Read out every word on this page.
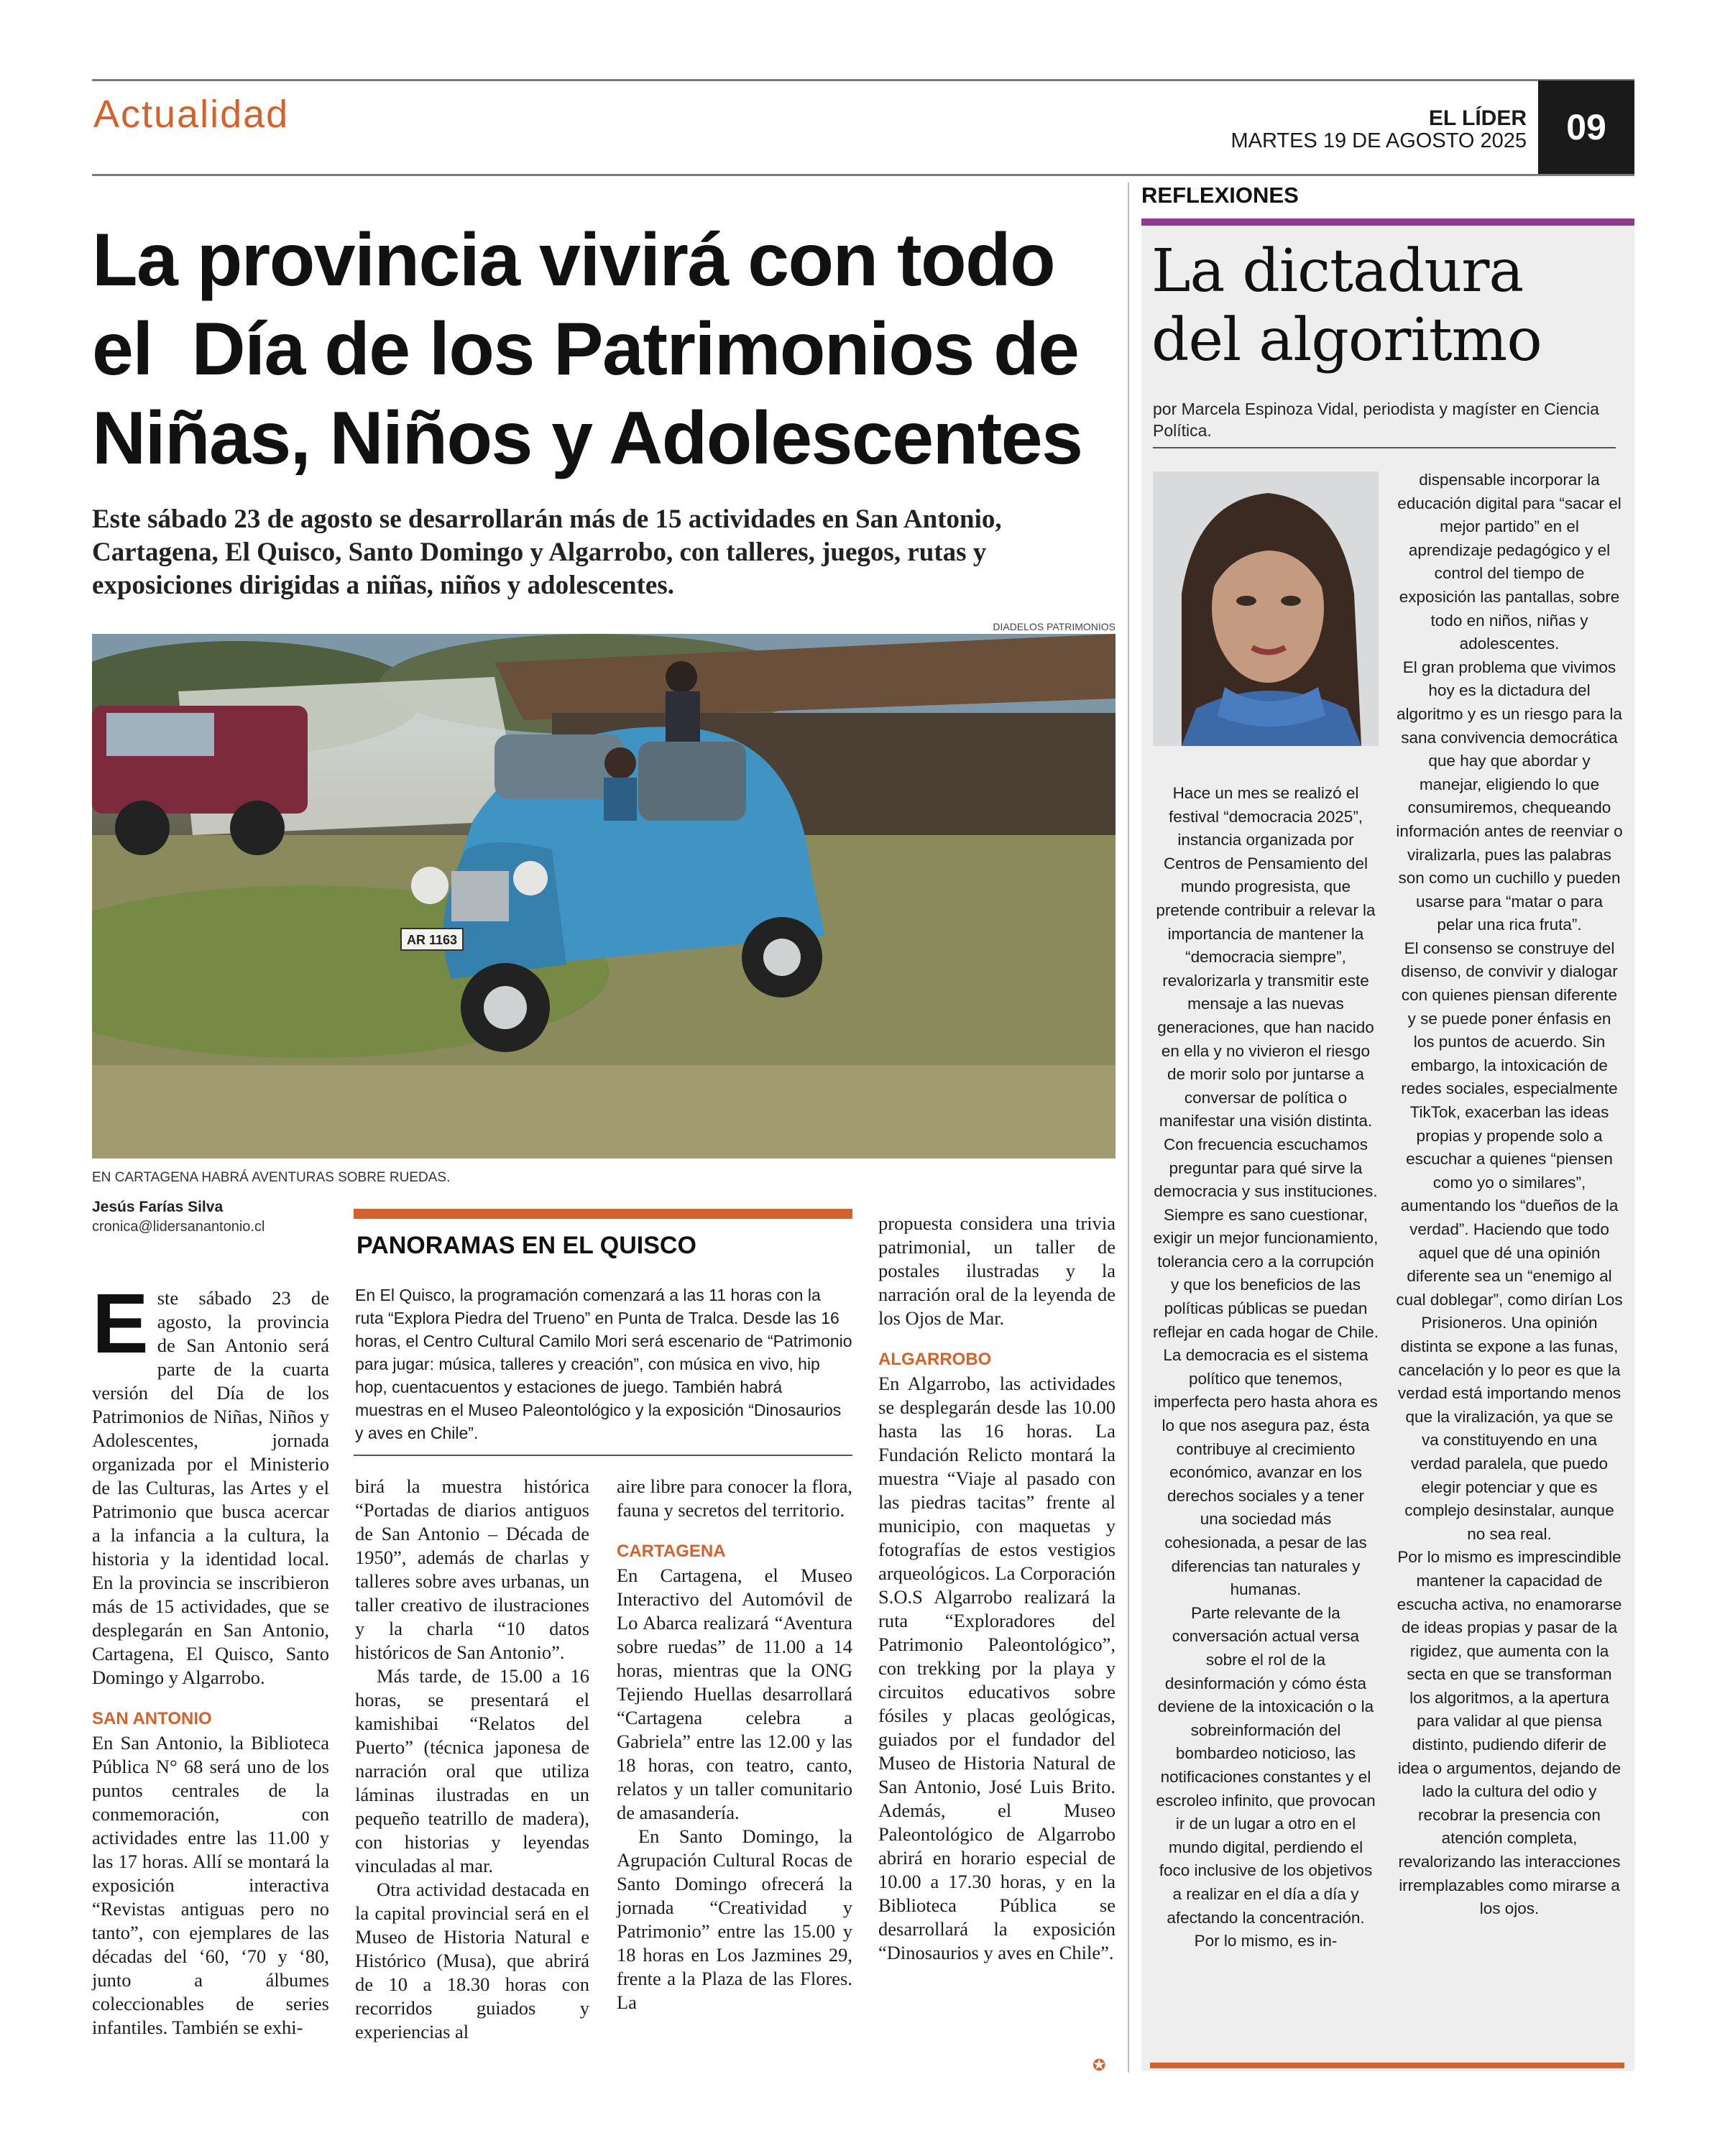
Actualidad	EL LÍDER
MARTES 19 DE AGOSTO 2025	09
La provincia vivirá con todo
el  Día de los Patrimonios de
Niñas, Niños y Adolescentes
Este sábado 23 de agosto se desarrollarán más de 15 actividades en San Antonio, Cartagena, El Quisco, Santo Domingo y Algarrobo, con talleres, juegos, rutas y exposiciones dirigidas a niñas, niños y adolescentes.
DIADELOS PATRIMONIOS
AR 1163
EN CARTAGENA HABRÁ AVENTURAS SOBRE RUEDAS.
Jesús Farías Silva
cronica@lidersanantonio.cl

Este sábado 23 de agosto, la provincia de San Antonio será parte de la cuarta versión del Día de los Patrimonios de Niñas, Niños y Adolescentes, jornada organizada por el Ministerio de las Culturas, las Artes y el Patrimonio que busca acercar a la infancia a la cultura, la historia y la identidad local. En la provincia se inscribieron más de 15 actividades, que se desplegarán en San Antonio, Cartagena, El Quisco, Santo Domingo y Algarrobo.

SAN ANTONIO

En San Antonio, la Biblioteca Pública N° 68 será uno de los puntos centrales de la conmemoración, con actividades entre las 11.00 y las 17 horas. Allí se montará la exposición interactiva “Revistas antiguas pero no tanto”, con ejemplares de las décadas del ‘60, ‘70 y ‘80, junto a álbumes coleccionables de series infantiles. También se exhi-

PANORAMAS EN EL QUISCO
En El Quisco, la programación comenzará a las 11 horas con la ruta “Explora Piedra del Trueno” en Punta de Tralca. Desde las 16 horas, el Centro Cultural Camilo Mori será escenario de “Patrimonio para jugar: música, talleres y creación”, con música en vivo, hip hop, cuentacuentos y estaciones de juego. También habrá muestras en el Museo Paleontológico y la exposición “Dinosaurios y aves en Chile”.

birá la muestra histórica “Portadas de diarios antiguos de San Antonio – Década de 1950”, además de charlas y talleres sobre aves urbanas, un taller creativo de ilustraciones y la charla “10 datos históricos de San Antonio”.

Más tarde, de 15.00 a 16 horas, se presentará el kamishibai “Relatos del Puerto” (técnica japonesa de narración oral que utiliza láminas ilustradas en un pequeño teatrillo de madera), con historias y leyendas vinculadas al mar.

Otra actividad destacada en la capital provincial será en el Museo de Historia Natural e Histórico (Musa), que abrirá de 10 a 18.30 horas con recorridos guiados y experiencias al

aire libre para conocer la flora, fauna y secretos del territorio.

CARTAGENA

En Cartagena, el Museo Interactivo del Automóvil de Lo Abarca realizará “Aventura sobre ruedas” de 11.00 a 14 horas, mientras que la ONG Tejiendo Huellas desarrollará “Cartagena celebra a Gabriela” entre las 12.00 y las 18 horas, con teatro, canto, relatos y un taller comunitario de amasandería.

En Santo Domingo, la Agrupación Cultural Rocas de Santo Domingo ofrecerá la jornada “Creatividad y Patrimonio” entre las 15.00 y 18 horas en Los Jazmines 29, frente a la Plaza de las Flores. La

propuesta considera una trivia patrimonial, un taller de postales ilustradas y la narración oral de la leyenda de los Ojos de Mar.

ALGARROBO

En Algarrobo, las actividades se desplegarán desde las 10.00 hasta las 16 horas. La Fundación Relicto montará la muestra “Viaje al pasado con las piedras tacitas” frente al municipio, con maquetas y fotografías de estos vestigios arqueológicos. La Corporación S.O.S Algarrobo realizará la ruta “Exploradores del Patrimonio Paleontológico”, con trekking por la playa y circuitos educativos sobre fósiles y placas geológicas, guiados por el fundador del Museo de Historia Natural de San Antonio, José Luis Brito. Además, el Museo Paleontológico de Algarrobo abrirá en horario especial de 10.00 a 17.30 horas, y en la Biblioteca Pública se desarrollará la exposición “Dinosaurios y aves en Chile”.

✪
REFLEXIONES
La dictadura
del algoritmo
por Marcela Espinoza Vidal, periodista y magíster en Ciencia Política.

Hace un mes se realizó el festival “democracia 2025”, instancia organizada por Centros de Pensamiento del mundo progresista, que pretende contribuir a relevar la importancia de mantener la “democracia siempre”, revalorizarla y transmitir este mensaje a las nuevas generaciones, que han nacido en ella y no vivieron el riesgo de morir solo por juntarse a conversar de política o manifestar una visión distinta.

Con frecuencia escuchamos preguntar para qué sirve la democracia y sus instituciones. Siempre es sano cuestionar, exigir un mejor funcionamiento, tolerancia cero a la corrupción y que los beneficios de las políticas públicas se puedan reflejar en cada hogar de Chile.

La democracia es el sistema político que tenemos, imperfecta pero hasta ahora es lo que nos asegura paz, ésta contribuye al crecimiento económico, avanzar en los derechos sociales y a tener una sociedad más cohesionada, a pesar de las diferencias tan naturales y humanas.

Parte relevante de la conversación actual versa sobre el rol de la desinformación y cómo ésta deviene de la intoxicación o la sobreinformación del bombardeo noticioso, las notificaciones constantes y el escroleo infinito, que provocan ir de un lugar a otro en el mundo digital, perdiendo el foco inclusive de los objetivos a realizar en el día a día y afectando la concentración. Por lo mismo, es in-

dispensable incorporar la educación digital para “sacar el mejor partido” en el aprendizaje pedagógico y el control del tiempo de exposición las pantallas, sobre todo en niños, niñas y adolescentes.

El gran problema que vivimos hoy es la dictadura del algoritmo y es un riesgo para la sana convivencia democrática que hay que abordar y manejar, eligiendo lo que consumiremos, chequeando información antes de reenviar o viralizarla, pues las palabras son como un cuchillo y pueden usarse para “matar o para pelar una rica fruta”.

El consenso se construye del disenso, de convivir y dialogar con quienes piensan diferente y se puede poner énfasis en los puntos de acuerdo. Sin embargo, la intoxicación de redes sociales, especialmente TikTok, exacerban las ideas propias y propende solo a escuchar a quienes “piensen como yo o similares”, aumentando los “dueños de la verdad”. Haciendo que todo aquel que dé una opinión diferente sea un “enemigo al cual doblegar”, como dirían Los Prisioneros. Una opinión distinta se expone a las funas, cancelación y lo peor es que la verdad está importando menos que la viralización, ya que se va constituyendo en una verdad paralela, que puedo elegir potenciar y que es complejo desinstalar, aunque no sea real.

Por lo mismo es imprescindible mantener la capacidad de escucha activa, no enamorarse de ideas propias y pasar de la rigidez, que aumenta con la secta en que se transforman los algoritmos, a la apertura para validar al que piensa distinto, pudiendo diferir de idea o argumentos, dejando de lado la cultura del odio y recobrar la presencia con atención completa, revalorizando las interacciones irremplazables como mirarse a los ojos.
